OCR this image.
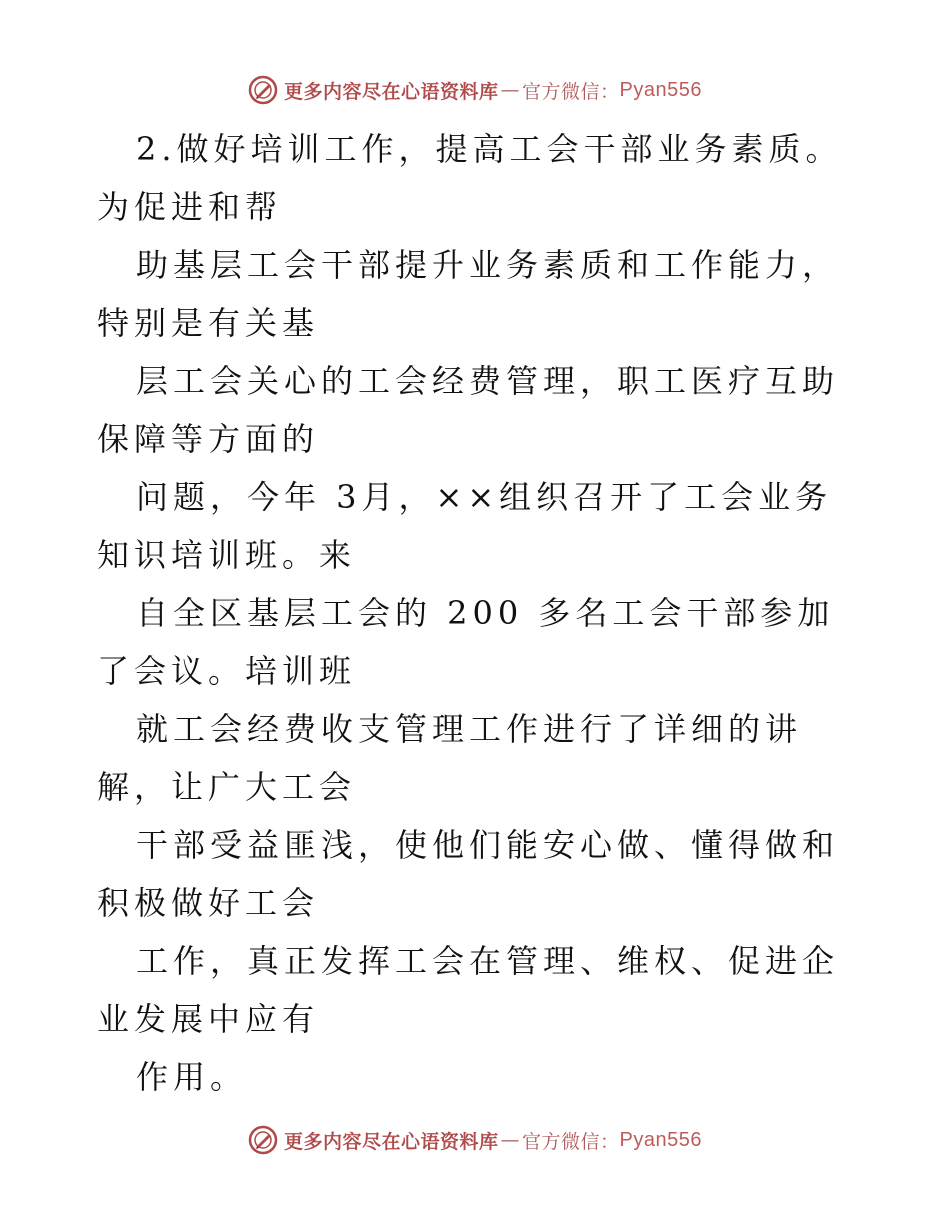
更多内容尽在心语资料库 — 官方微信： Pyan556

2.做好培训工作，提高工会干部业务素质。为促进和帮

助基层工会干部提升业务素质和工作能力，特别是有关基

层工会关心的工会经费管理，职工医疗互助保障等方面的

问题，今年 3月，××组织召开了工会业务知识培训班。来

自全区基层工会的 200 多名工会干部参加了会议。培训班

就工会经费收支管理工作进行了详细的讲解，让广大工会

干部受益匪浅，使他们能安心做、懂得做和积极做好工会

工作，真正发挥工会在管理、维权、促进企业发展中应有

作用。

更多内容尽在心语资料库 — 官方微信： Pyan556
